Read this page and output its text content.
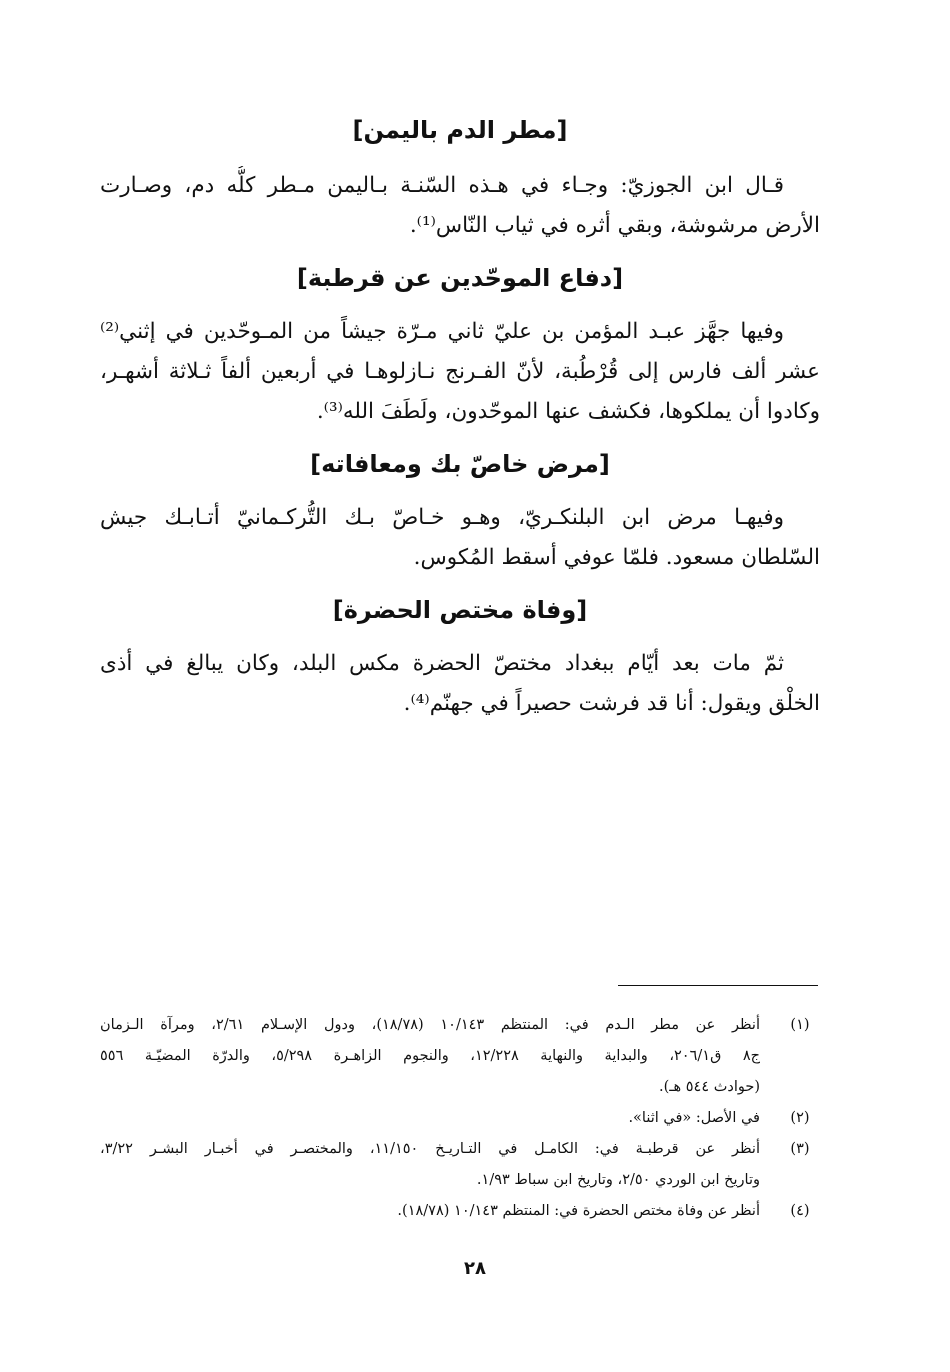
[مطر الدم باليمن]
قـال ابن الجوزيّ: وجـاء في هـذه السّنـة بـاليمن مـطر كلُّه دم، وصـارت
الأرض مرشوشة، وبقي أثره في ثياب النّاس⁽¹⁾.
[دفاع الموحّدين عن قرطبة]
وفيها جهَّز عبـد المؤمن بن عليّ ثاني مـرّة جيشاً من المـوحّدين في إثني⁽²⁾
عشر ألف فارس إلى قُرْطُبة، لأنّ الفـرنج نـازلوهـا في أربعين ألفاً ثـلاثة أشهـر،
وكادوا أن يملكوها، فكشف عنها الموحّدون، ولَطَفَ الله⁽³⁾.
[مرض خاصّ بك ومعافاته]
وفيهـا مرض ابن البلنكـريّ، وهـو خـاصّ بـك التُّركـمانيّ أتـابـك جيش
السّلطان مسعود. فلمّا عوفي أسقط المُكوس.
[وفاة مختص الحضرة]
ثمّ مات بعد أيّام ببغداد مختصّ الحضرة مكس البلد، وكان يبالغ في أذى
الخلْق ويقول: أنا قد فرشت حصيراً في جهنّم⁽⁴⁾.
(١)
أنظر عن مطر الـدم في: المنتظم ١٠/١٤٣ (١٨/٧٨)، ودول الإسـلام ٢/٦١، ومرآة الـزمان
ج٨ ق٢٠٦/١، والبداية والنهاية ١٢/٢٢٨، والنجوم الزاهـرة ٥/٢٩٨، والدرّة المضيّـة ٥٥٦
(حوادث ٥٤٤ هـ).
(٢)
في الأصل: «في اثنا».
(٣)
أنظر عن قرطبـة في: الكامـل في التـاريـخ ١١/١٥٠، والمختصـر في أخبـار البشـر ٣/٢٢،
وتاريخ ابن الوردي ٢/٥٠، وتاريخ ابن سباط ١/٩٣.
(٤)
أنظر عن وفاة مختص الحضرة في: المنتظم ١٠/١٤٣ (١٨/٧٨).
٢٨
